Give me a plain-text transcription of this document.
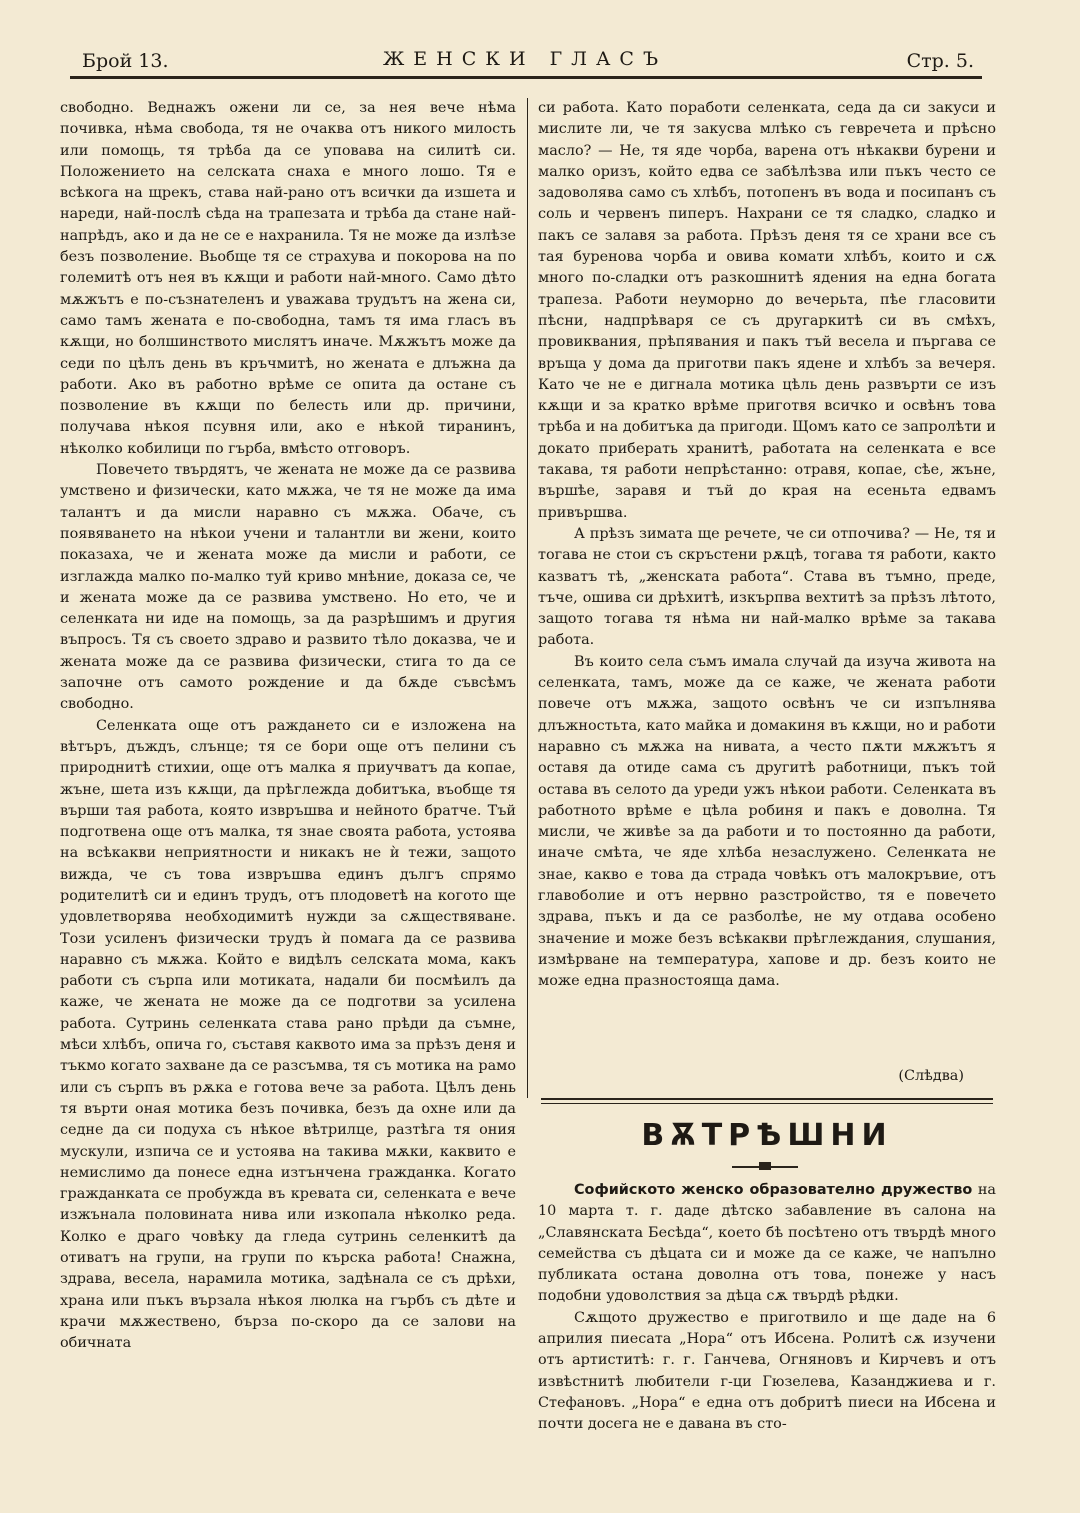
Брой 13.	ЖЕНСКИ ГЛАСЪ	Стр. 5.

свободно. Веднажъ ожени ли се, за нея вече нѣма почивка, нѣма свобода, тя не очаква отъ никого милость или помощь, тя трѣба да се уповава на силитѣ си. Положението на селската снаха е много лошо. Тя е всѣкога на щрекъ, става най-рано отъ всички да изшета и нареди, най-послѣ сѣда на трапезата и трѣба да стане най-напрѣдъ, ако и да не се е нахранила. Тя не може да излѣзе безъ позволение. Вьобще тя се страхува и покорова на по големитѣ отъ нея въ кѫщи и работи най-много. Само дѣто мѫжътъ е по-съзнателенъ и уважава трудътъ на жена си, само тамъ жената е по-свободна, тамъ тя има гласъ въ кѫщи, но болшинството мислятъ иначе. Мѫжътъ може да седи по цѣлъ день въ кръчмитѣ, но жената е длъжна да работи. Ако въ работно врѣме се опита да остане съ позволение въ кѫщи по белесть или др. причини, получава нѣкоя псувня или, ако е нѣкой тиранинъ, нѣколко кобилици по гърба, вмѣсто отговоръ.

Повечето твърдятъ, че жената не може да се развива умствено и физически, като мѫжа, че тя не може да има талантъ и да мисли наравно съ мѫжа. Обаче, съ появяването на нѣкои учени и талантли ви жени, които показаха, че и жената може да мисли и работи, се изглажда малко по-малко туй криво мнѣние, доказа се, че и жената може да се развива умствено. Но ето, че и селенката ни иде на помощь, за да разрѣшимъ и другия въпросъ. Тя съ своето здраво и развито тѣло доказва, че и жената може да се развива физически, стига то да се започне отъ самото рождение и да бѫде съвсѣмъ свободно.

Селенката още отъ раждането си е изложена на вѣтъръ, дъждъ, слънце; тя се бори още отъ пелини съ природнитѣ стихии, още отъ малка я приучватъ да копае, жъне, шета изъ кѫщи, да прѣглежда добитъка, въобще тя върши тая работа, която извръшва и нейното братче. Тъй подготвена още отъ малка, тя знае своята работа, устоява на всѣкакви неприятности и никакъ не ѝ тежи, защото вижда, че съ това извръшва единъ дългъ спрямо родителитѣ си и единъ трудъ, отъ плодоветѣ на когото ще удовлетворява необходимитѣ нужди за сѫществяване. Този усиленъ физически трудъ ѝ помага да се развива наравно съ мѫжа. Който е видѣлъ селската мома, какъ работи съ сърпа или мотиката, надали би посмѣилъ да каже, че жената не може да се подготви за усилена работа. Сутринь селенката става рано прѣди да съмне, мѣси хлѣбъ, опича го, съставя каквото има за прѣзъ деня и тъкмо когато захване да се разсъмва, тя съ мотика на рамо или съ сърпъ въ рѫка е готова вече за работа. Цѣлъ день тя върти оная мотика безъ почивка, безъ да охне или да седне да си подуха съ нѣкое вѣтрилце, разтѣга тя ония мускули, изпича се и устоява на такива мѫки, каквито е немислимо да понесе една изтънчена гражданка. Когато гражданката се пробужда въ кревата си, селенката е вече изжънала половината нива или изкопала нѣколко реда. Колко е драго човѣку да гледа сутринь селенкитѣ да отиватъ на групи, на групи по кърска работа! Снажна, здрава, весела, нарамила мотика, задѣнала се съ дрѣхи, храна или пъкъ вързала нѣкоя люлка на гърбъ съ дѣте и крачи мѫжествено, бърза по-скоро да се залови на обичната

си работа. Като поработи селенката, седа да си закуси и мислите ли, че тя закусва млѣко съ гевречета и прѣсно масло? — Не, тя яде чорба, варена отъ нѣкакви бурени и малко оризъ, който едва се забѣлѣзва или пъкъ често се задоволява само съ хлѣбъ, потопенъ въ вода и посипанъ съ соль и червенъ пиперъ. Нахрани се тя сладко, сладко и пакъ се залавя за работа. Прѣзъ деня тя се храни все съ тая буренова чорба и овива комати хлѣбъ, които и сѫ много по-сладки отъ разкошнитѣ ядения на една богата трапеза. Работи неуморно до вечерьта, пѣе гласовити пѣсни, надпрѣваря се съ другаркитѣ си въ смѣхъ, провиквания, прѣпявания и пакъ тъй весела и пъргава се връща у дома да приготви пакъ ядене и хлѣбъ за вечеря. Като че не е дигнала мотика цѣль день развърти се изъ кѫщи и за кратко врѣме приготвя всичко и освѣнъ това трѣба и на добитъка да пригоди. Щомъ като се запролѣти и докато приберать хранитѣ, работата на селенката е все такава, тя работи непрѣстанно: отравя, копае, сѣе, жъне, вършѣе, заравя и тъй до края на есеньта едвамъ привършва.

А прѣзъ зимата ще речете, че си отпочива? — Не, тя и тогава не стои съ скръстени рѫцѣ, тогава тя работи, както казватъ тѣ, „женската работа“. Става въ тъмно, преде, тъче, ошива си дрѣхитѣ, изкърпва вехтитѣ за прѣзъ лѣтото, защото тогава тя нѣма ни най-малко врѣме за такава работа.

Въ които села съмъ имала случай да изуча живота на селенката, тамъ, може да се каже, че жената работи повече отъ мѫжа, защото освѣнъ че си изпълнява длъжностьта, като майка и домакиня въ кѫщи, но и работи наравно съ мѫжа на нивата, а често пѫти мѫжътъ я оставя да отиде сама съ другитѣ работници, пъкъ той остава въ селото да уреди ужъ нѣкои работи. Селенката въ работното врѣме е цѣла робиня и пакъ е доволна. Тя мисли, че живѣе за да работи и то постоянно да работи, иначе смѣта, че яде хлѣба незаслужено. Селенката не знае, какво е това да страда човѣкъ отъ малокръвие, отъ главоболие и отъ нервно разстройство, тя е повечето здрава, пъкъ и да се разболѣе, не му отдава особено значение и може безъ всѣкакви прѣглеждания, слушания, измѣрване на температура, хапове и др. безъ които не може една празностояща дама.

(Слѣдва)
ВѪТРѢШНИ

Софийското женско образователно дружество на 10 марта т. г. даде дѣтско забавление въ салона на „Славянската Бесѣда“, което бѣ посѣтено отъ твърдѣ много семейства съ дѣцата си и може да се каже, че напълно публиката остана доволна отъ това, понеже у насъ подобни удоволствия за дѣца сѫ твърдѣ рѣдки.

Сѫщото дружество е приготвило и ще даде на 6 априлия пиесата „Нора“ отъ Ибсена. Ролитѣ сѫ изучени отъ артиститѣ: г. г. Ганчева, Огняновъ и Кирчевъ и отъ извѣстнитѣ любители г-ци Гюзелева, Казанджиева и г. Стефановъ. „Нора“ е една отъ добритѣ пиеси на Ибсена и почти досега не е давана въ сто-
